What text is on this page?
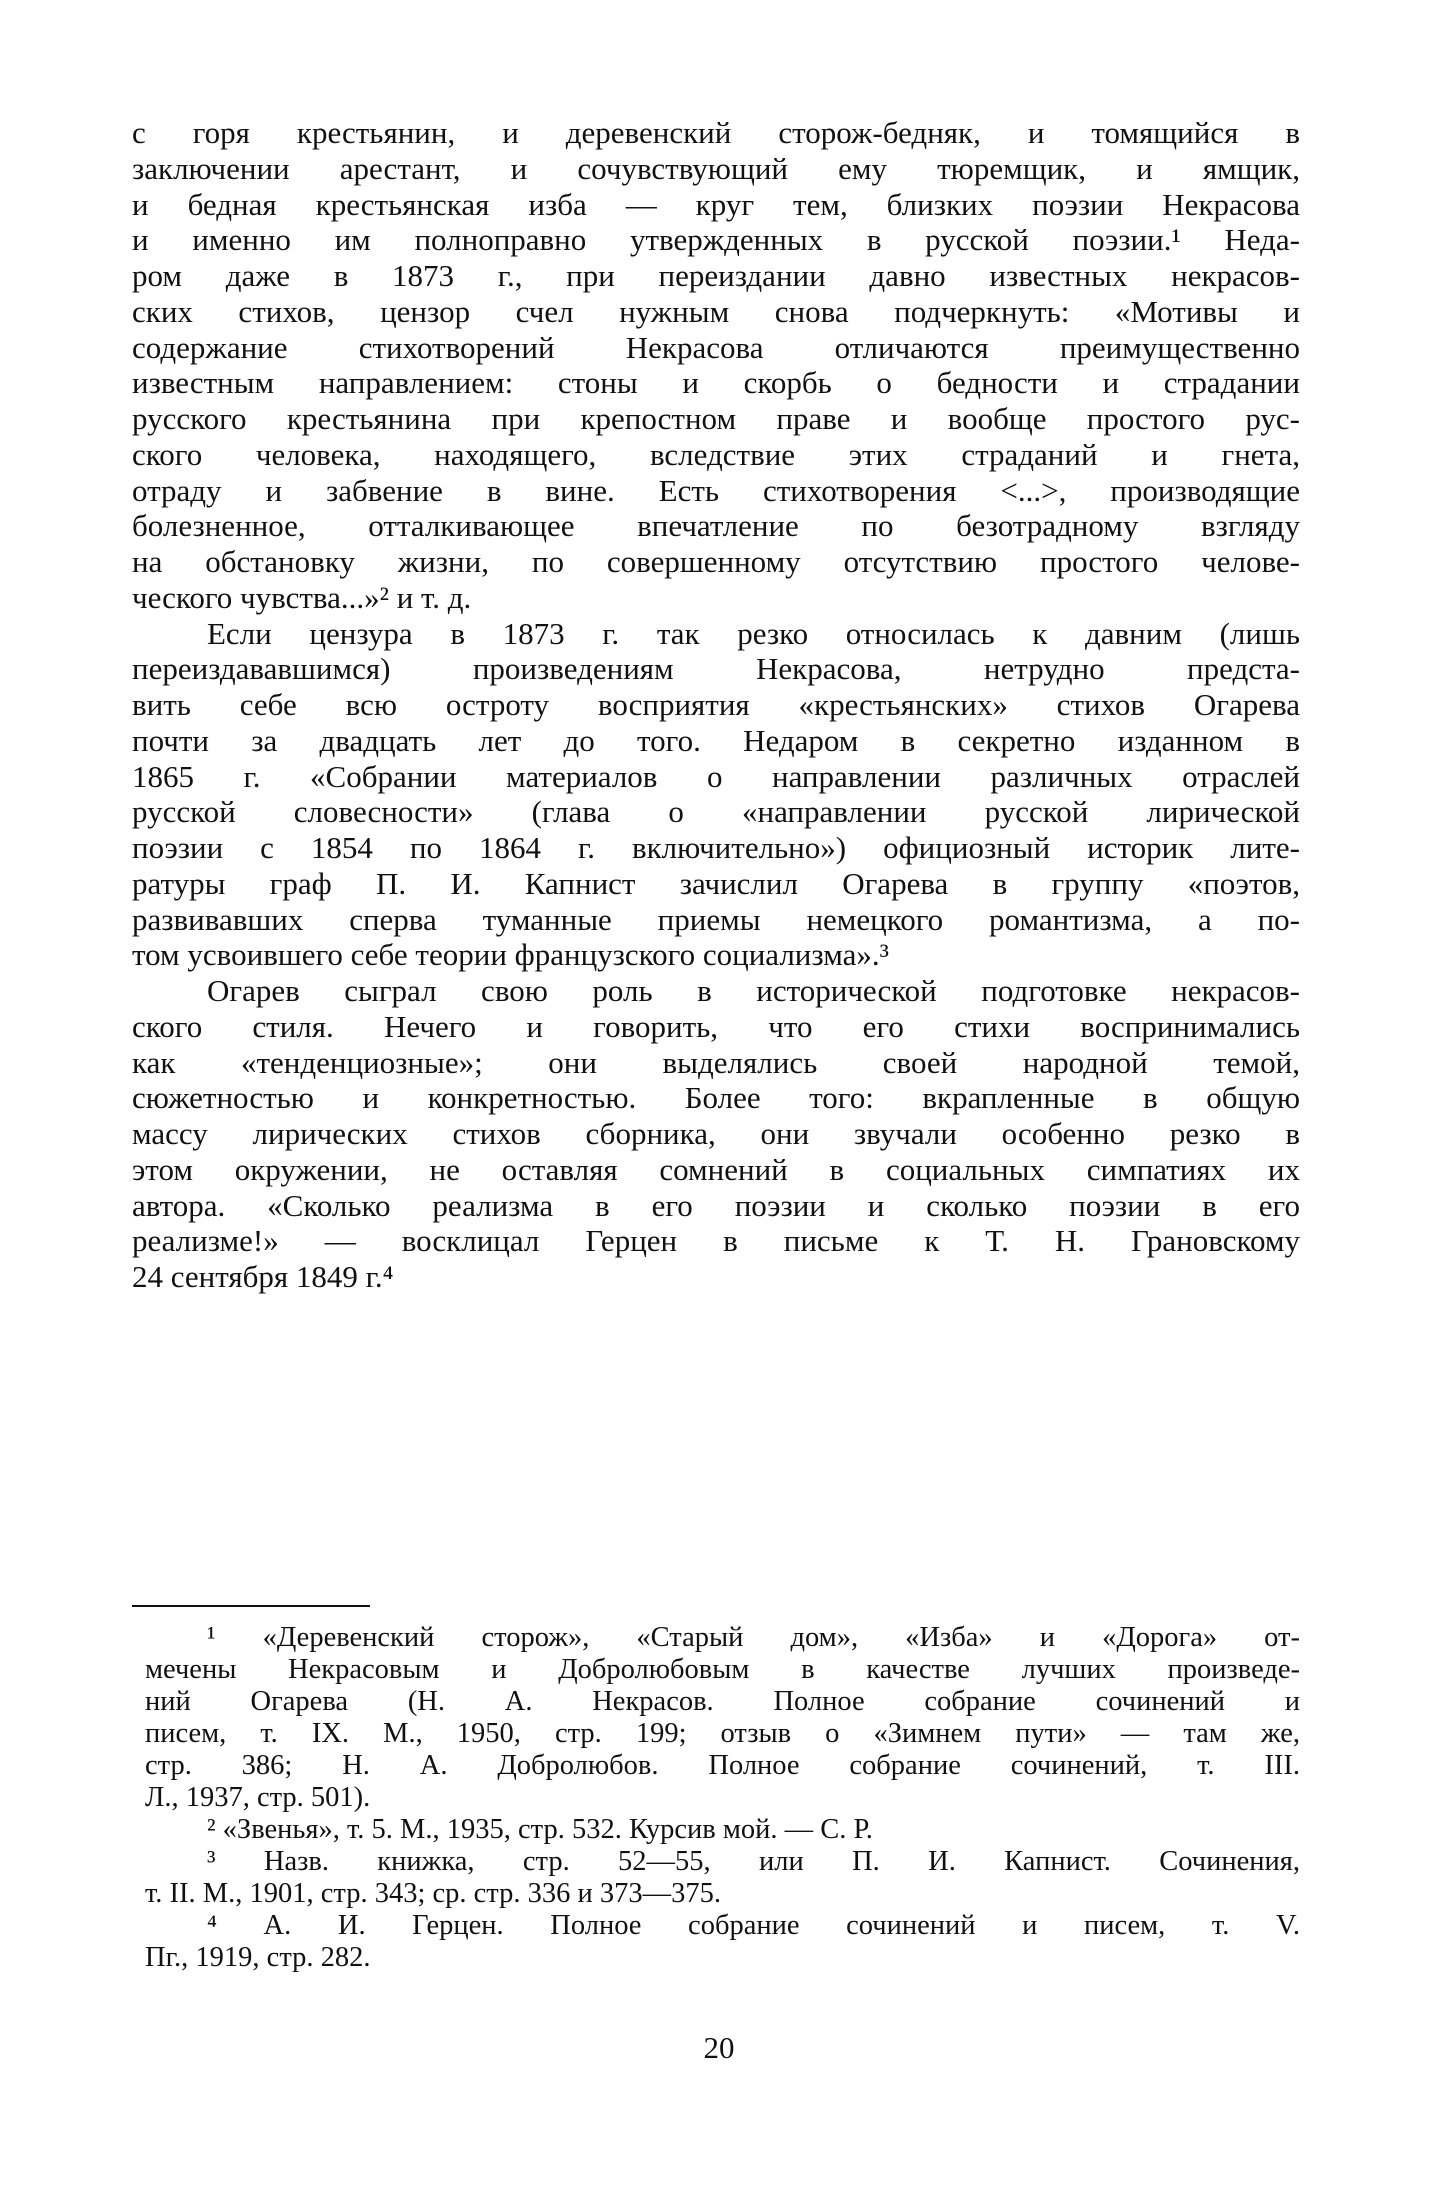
с горя крестьянин, и деревенский сторож-бедняк, и томящийся в

заключении арестант, и сочувствующий ему тюремщик, и ямщик,

и бедная крестьянская изба — круг тем, близких поэзии Некрасова

и именно им полноправно утвержденных в русской поэзии.¹ Неда-

ром даже в 1873 г., при переиздании давно известных некрасов-

ских стихов, цензор счел нужным снова подчеркнуть: «Мотивы и

содержание стихотворений Некрасова отличаются преимущественно

известным направлением: стоны и скорбь о бедности и страдании

русского крестьянина при крепостном праве и вообще простого рус-

ского человека, находящего, вследствие этих страданий и гнета,

отраду и забвение в вине. Есть стихотворения <...>, производящие

болезненное, отталкивающее впечатление по безотрадному взгляду

на обстановку жизни, по совершенному отсутствию простого челове-

ческого чувства...»² и т. д.

Если цензура в 1873 г. так резко относилась к давним (лишь

переиздававшимся) произведениям Некрасова, нетрудно предста-

вить себе всю остроту восприятия «крестьянских» стихов Огарева

почти за двадцать лет до того. Недаром в секретно изданном в

1865 г. «Собрании материалов о направлении различных отраслей

русской словесности» (глава о «направлении русской лирической

поэзии с 1854 по 1864 г. включительно») официозный историк лите-

ратуры граф П. И. Капнист зачислил Огарева в группу «поэтов,

развивавших сперва туманные приемы немецкого романтизма, а по-

том усвоившего себе теории французского социализма».³

Огарев сыграл свою роль в исторической подготовке некрасов-

ского стиля. Нечего и говорить, что его стихи воспринимались

как «тенденциозные»; они выделялись своей народной темой,

сюжетностью и конкретностью. Более того: вкрапленные в общую

массу лирических стихов сборника, они звучали особенно резко в

этом окружении, не оставляя сомнений в социальных симпатиях их

автора. «Сколько реализма в его поэзии и сколько поэзии в его

реализме!» — восклицал Герцен в письме к Т. Н. Грановскому

24 сентября 1849 г.⁴

¹ «Деревенский сторож», «Старый дом», «Изба» и «Дорога» от-

мечены Некрасовым и Добролюбовым в качестве лучших произведе-

ний Огарева (Н. А. Некрасов. Полное собрание сочинений и

писем, т. IX. М., 1950, стр. 199; отзыв о «Зимнем пути» — там же,

стр. 386; Н. А. Добролюбов. Полное собрание сочинений, т. III.

Л., 1937, стр. 501).

² «Звенья», т. 5. М., 1935, стр. 532. Курсив мой. — С. Р.

³ Назв. книжка, стр. 52—55, или П. И. Капнист. Сочинения,

т. II. М., 1901, стр. 343; ср. стр. 336 и 373—375.

⁴ А. И. Герцен. Полное собрание сочинений и писем, т. V.

Пг., 1919, стр. 282.

20
